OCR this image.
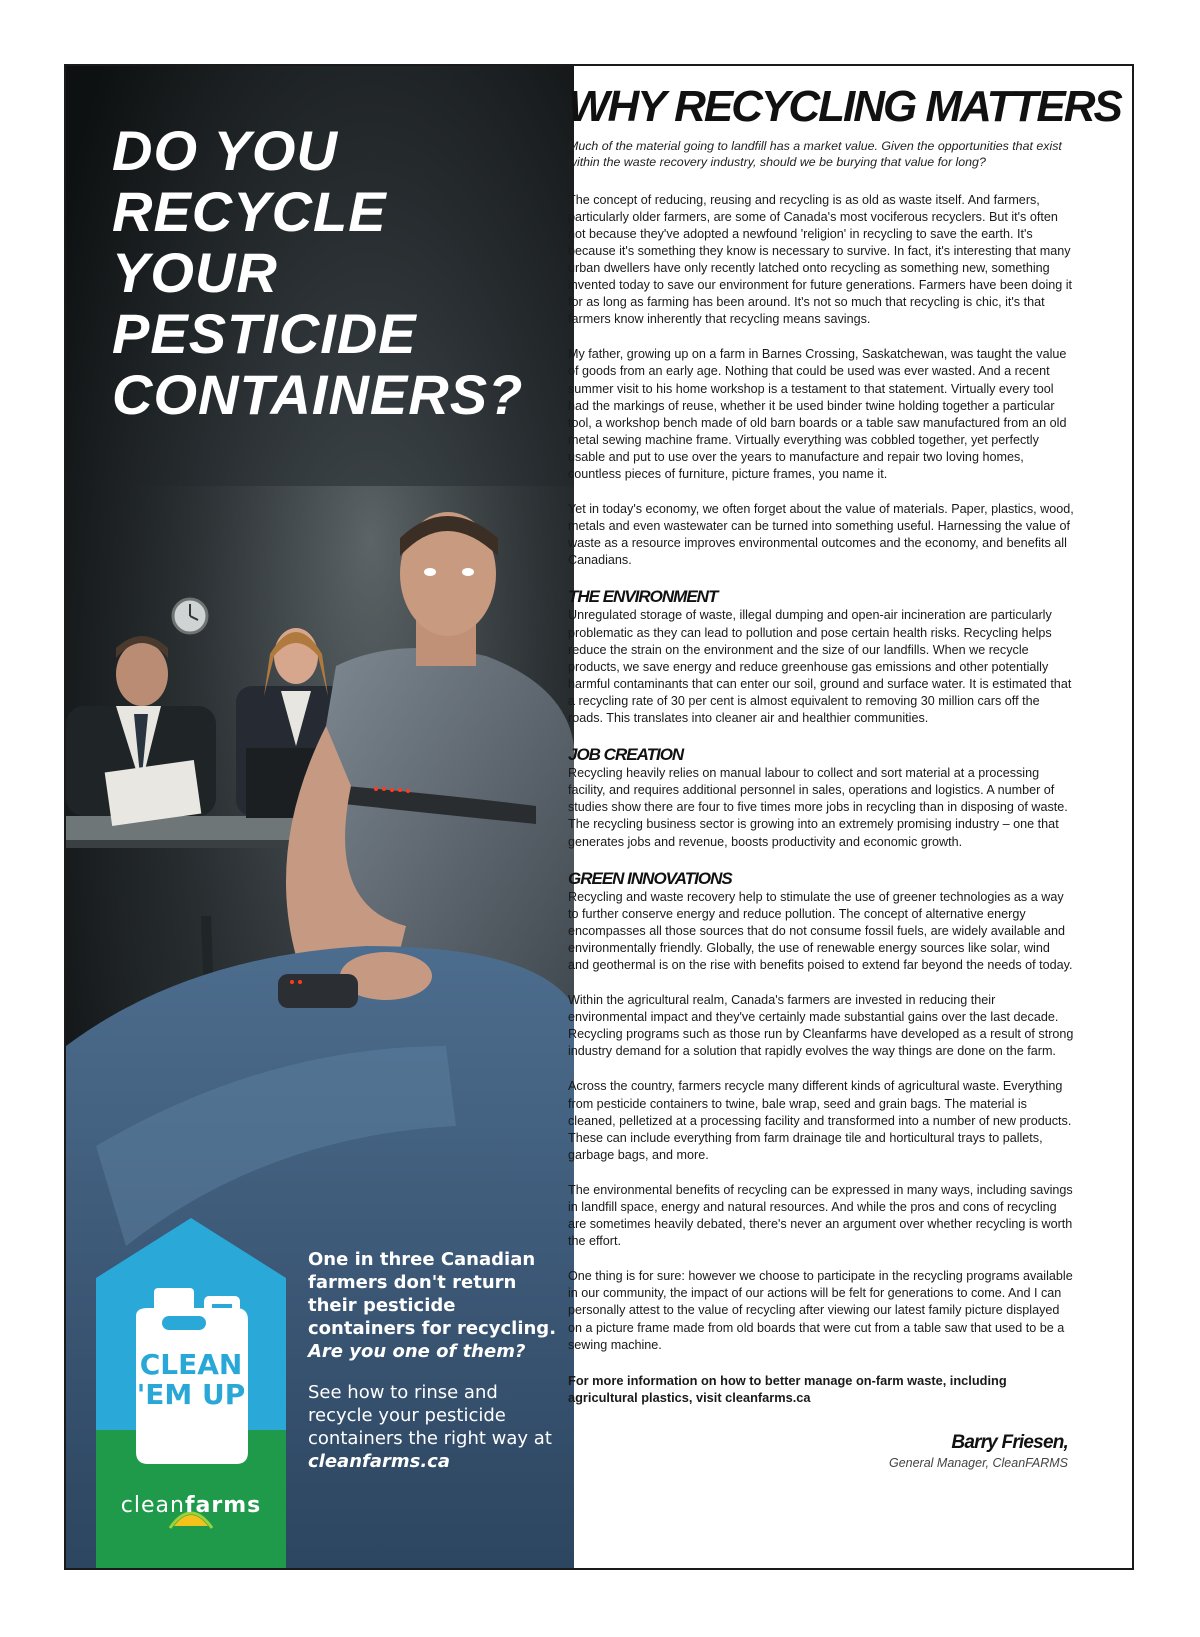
DO YOU
RECYCLE
YOUR
PESTICIDE
CONTAINERS?
CLEAN
'EM UP
cleanfarms

One in three Canadian farmers don't return their pesticide containers for recycling.
Are you one of them?

See how to rinse and recycle your pesticide containers the right way at cleanfarms.ca

WHY RECYCLING MATTERS

Much of the material going to landfill has a market value. Given the opportunities that exist within the waste recovery industry, should we be burying that value for long?

The concept of reducing, reusing and recycling is as old as waste itself. And farmers, particularly older farmers, are some of Canada's most vociferous recyclers. But it's often not because they've adopted a newfound 'religion' in recycling to save the earth. It's because it's something they know is necessary to survive. In fact, it's interesting that many urban dwellers have only recently latched onto recycling as something new, something invented today to save our environment for future generations. Farmers have been doing it for as long as farming has been around. It's not so much that recycling is chic, it's that farmers know inherently that recycling means savings.

My father, growing up on a farm in Barnes Crossing, Saskatchewan, was taught the value of goods from an early age. Nothing that could be used was ever wasted. And a recent summer visit to his home workshop is a testament to that statement. Virtually every tool had the markings of reuse, whether it be used binder twine holding together a particular tool, a workshop bench made of old barn boards or a table saw manufactured from an old metal sewing machine frame. Virtually everything was cobbled together, yet perfectly usable and put to use over the years to manufacture and repair two loving homes, countless pieces of furniture, picture frames, you name it.

Yet in today's economy, we often forget about the value of materials. Paper, plastics, wood, metals and even wastewater can be turned into something useful. Harnessing the value of waste as a resource improves environmental outcomes and the economy, and benefits all Canadians.

THE ENVIRONMENT

Unregulated storage of waste, illegal dumping and open-air incineration are particularly problematic as they can lead to pollution and pose certain health risks. Recycling helps reduce the strain on the environment and the size of our landfills. When we recycle products, we save energy and reduce greenhouse gas emissions and other potentially harmful contaminants that can enter our soil, ground and surface water. It is estimated that a recycling rate of 30 per cent is almost equivalent to removing 30 million cars off the roads. This translates into cleaner air and healthier communities.

JOB CREATION

Recycling heavily relies on manual labour to collect and sort material at a processing facility, and requires additional personnel in sales, operations and logistics. A number of studies show there are four to five times more jobs in recycling than in disposing of waste. The recycling business sector is growing into an extremely promising industry – one that generates jobs and revenue, boosts productivity and economic growth.

GREEN INNOVATIONS

Recycling and waste recovery help to stimulate the use of greener technologies as a way to further conserve energy and reduce pollution. The concept of alternative energy encompasses all those sources that do not consume fossil fuels, are widely available and environmentally friendly. Globally, the use of renewable energy sources like solar, wind and geothermal is on the rise with benefits poised to extend far beyond the needs of today.

Within the agricultural realm, Canada's farmers are invested in reducing their environmental impact and they've certainly made substantial gains over the last decade. Recycling programs such as those run by Cleanfarms have developed as a result of strong industry demand for a solution that rapidly evolves the way things are done on the farm.

Across the country, farmers recycle many different kinds of agricultural waste. Everything from pesticide containers to twine, bale wrap, seed and grain bags. The material is cleaned, pelletized at a processing facility and transformed into a number of new products. These can include everything from farm drainage tile and horticultural trays to pallets, garbage bags, and more.

The environmental benefits of recycling can be expressed in many ways, including savings in landfill space, energy and natural resources. And while the pros and cons of recycling are sometimes heavily debated, there's never an argument over whether recycling is worth the effort.

One thing is for sure: however we choose to participate in the recycling programs available in our community, the impact of our actions will be felt for generations to come. And I can personally attest to the value of recycling after viewing our latest family picture displayed on a picture frame made from old boards that were cut from a table saw that used to be a sewing machine.

For more information on how to better manage on-farm waste, including agricultural plastics, visit cleanfarms.ca

Barry Friesen,
General Manager, CleanFARMS
